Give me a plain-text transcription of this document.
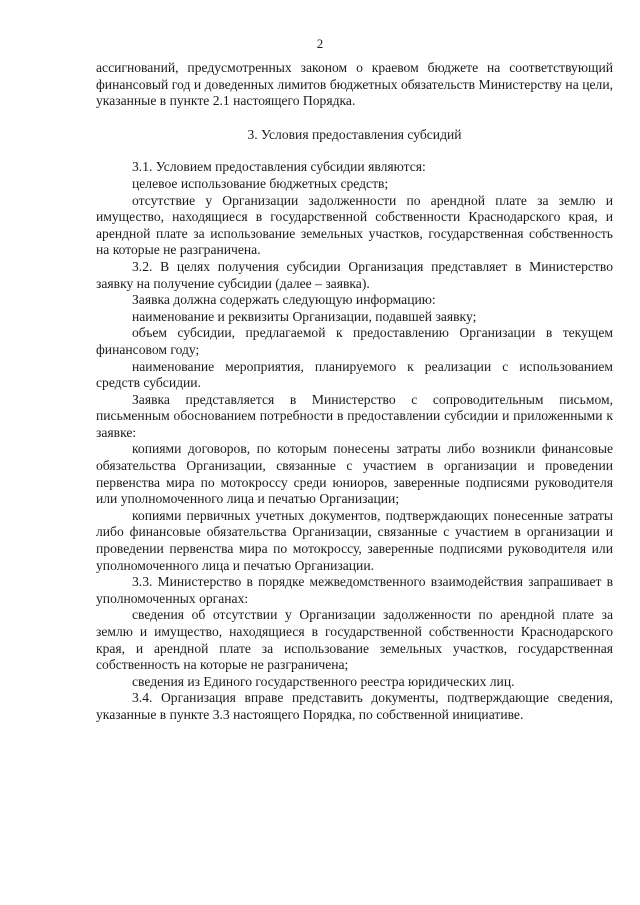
2

ассигнований, предусмотренных законом о краевом бюджете на соответствующий финансовый год и доведенных лимитов бюджетных обязательств Министерству на цели, указанные в пункте 2.1 настоящего Порядка.

3. Условия предоставления субсидий

3.1. Условием предоставления субсидии являются:

целевое использование бюджетных средств;

отсутствие у Организации задолженности по арендной плате за землю и имущество, находящиеся в государственной собственности Краснодарского края, и арендной плате за использование земельных участков, государственная собственность на которые не разграничена.

3.2. В целях получения субсидии Организация представляет в Министерство заявку на получение субсидии (далее – заявка).

Заявка должна содержать следующую информацию:

наименование и реквизиты Организации, подавшей заявку;

объем субсидии, предлагаемой к предоставлению Организации в текущем финансовом году;

наименование мероприятия, планируемого к реализации с использованием средств субсидии.

Заявка представляется в Министерство с сопроводительным письмом, письменным обоснованием потребности в предоставлении субсидии и приложенными к заявке:

копиями договоров, по которым понесены затраты либо возникли финансовые обязательства Организации, связанные с участием в организации и проведении первенства мира по мотокроссу среди юниоров, заверенные подписями руководителя или уполномоченного лица и печатью Организации;

копиями первичных учетных документов, подтверждающих понесенные затраты либо финансовые обязательства Организации, связанные с участием в организации и проведении первенства мира по мотокроссу, заверенные подписями руководителя или уполномоченного лица и печатью Организации.

3.3. Министерство в порядке межведомственного взаимодействия запрашивает в уполномоченных органах:

сведения об отсутствии у Организации задолженности по арендной плате за землю и имущество, находящиеся в государственной собственности Краснодарского края, и арендной плате за использование земельных участков, государственная собственность на которые не разграничена;

сведения из Единого государственного реестра юридических лиц.

3.4. Организация вправе представить документы, подтверждающие сведения, указанные в пункте 3.3 настоящего Порядка, по собственной инициативе.
